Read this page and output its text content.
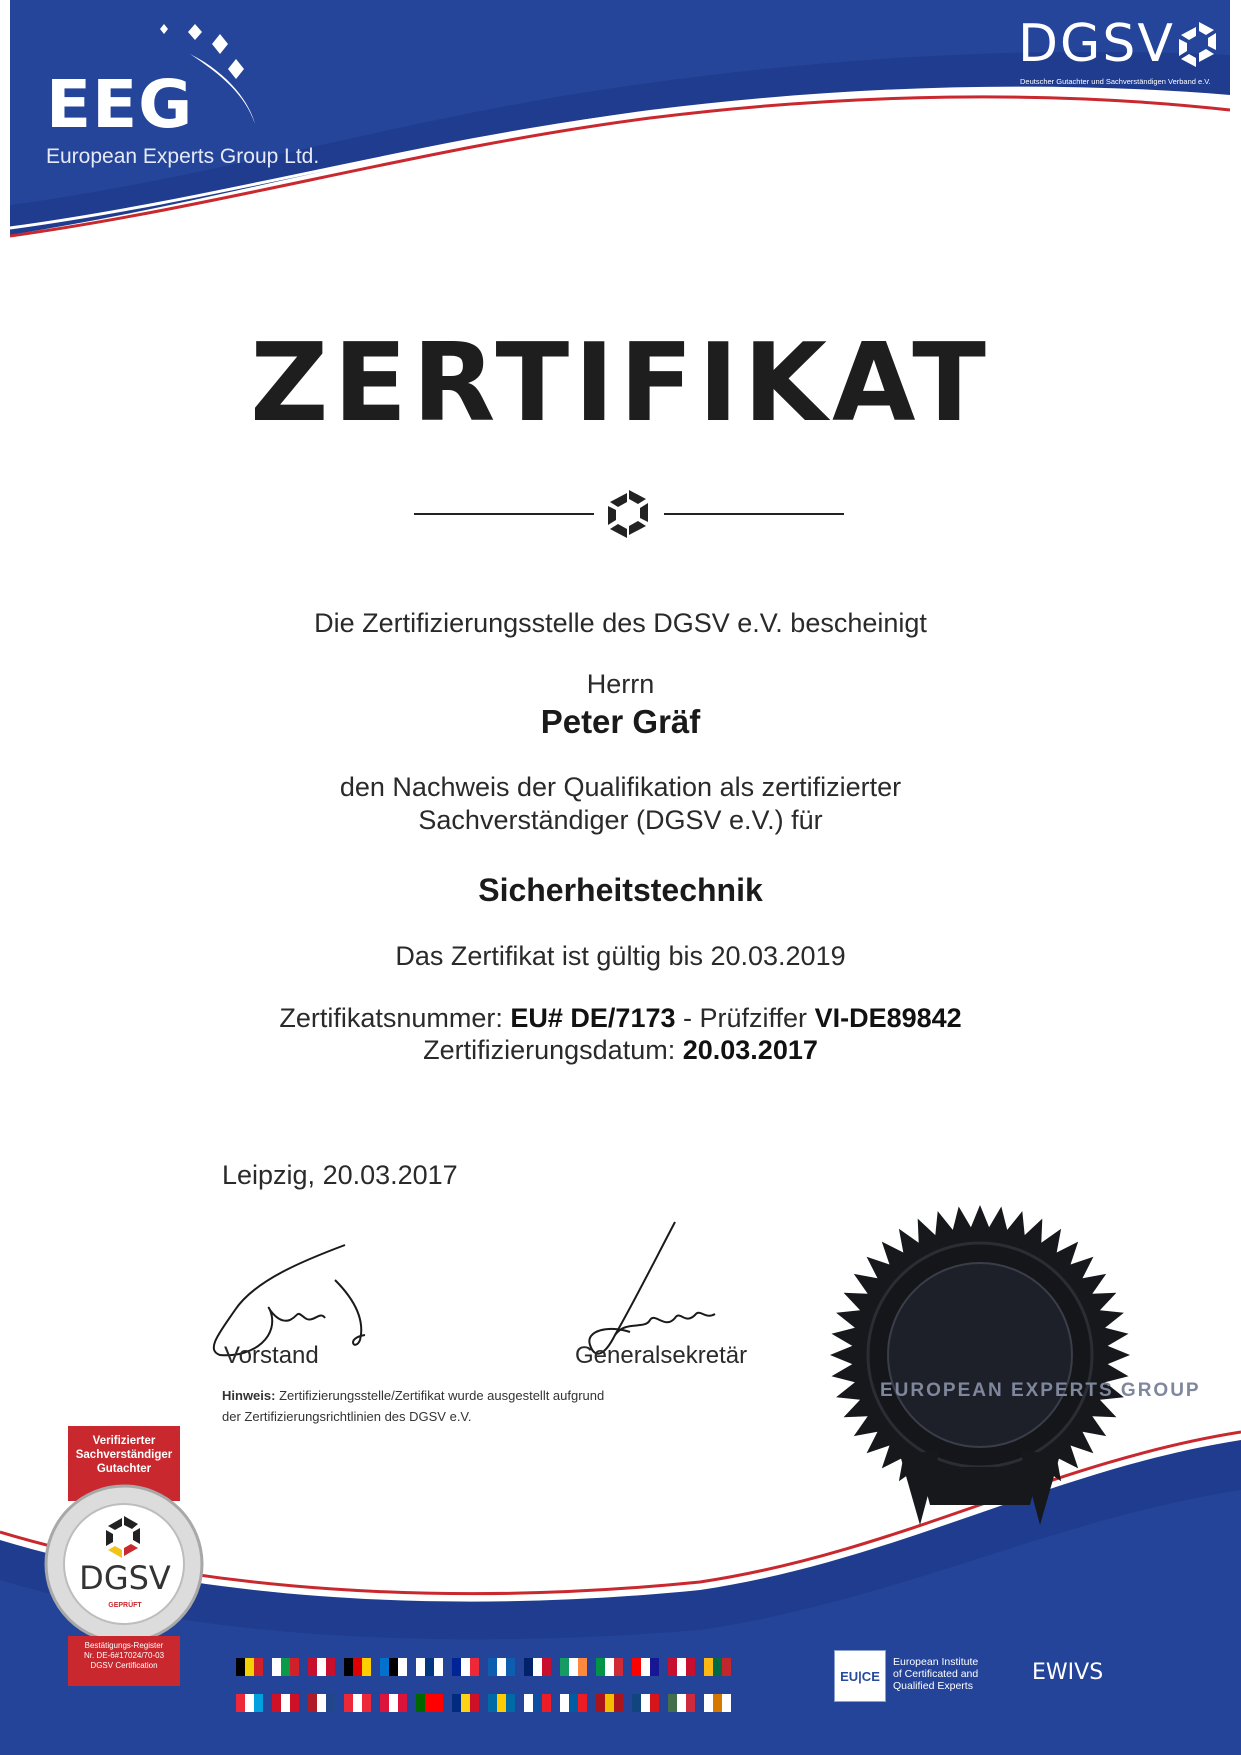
EEG
European Experts Group Ltd.
DGSV
Deutscher Gutachter und Sachverständigen Verband e.V.
ZERTIFIKAT
Die Zertifizierungsstelle des DGSV e.V. bescheinigt
Herrn
Peter Gräf
den Nachweis der Qualifikation als zertifizierter
Sachverständiger (DGSV e.V.) für
Sicherheitstechnik
Das Zertifikat ist gültig bis 20.03.2019
Zertifikatsnummer: EU# DE/7173 - Prüfziffer VI-DE89842
Zertifizierungsdatum: 20.03.2017
Leipzig, 20.03.2017
Vorstand	Generalsekretär
Hinweis: Zertifizierungsstelle/Zertifikat wurde ausgestellt aufgrund
der Zertifizierungsrichtlinien des DGSV e.V.
EUROPEAN EXPERTS GROUP
Verifizierter
Sachverständiger
Gutachter
DGSV
GEPRÜFT
Bestätigungs-Register
Nr. DE-6#17024/70-03
DGSV Certification
EU|CE
European Institute
of Certificated and
Qualified Experts
EWIVS
